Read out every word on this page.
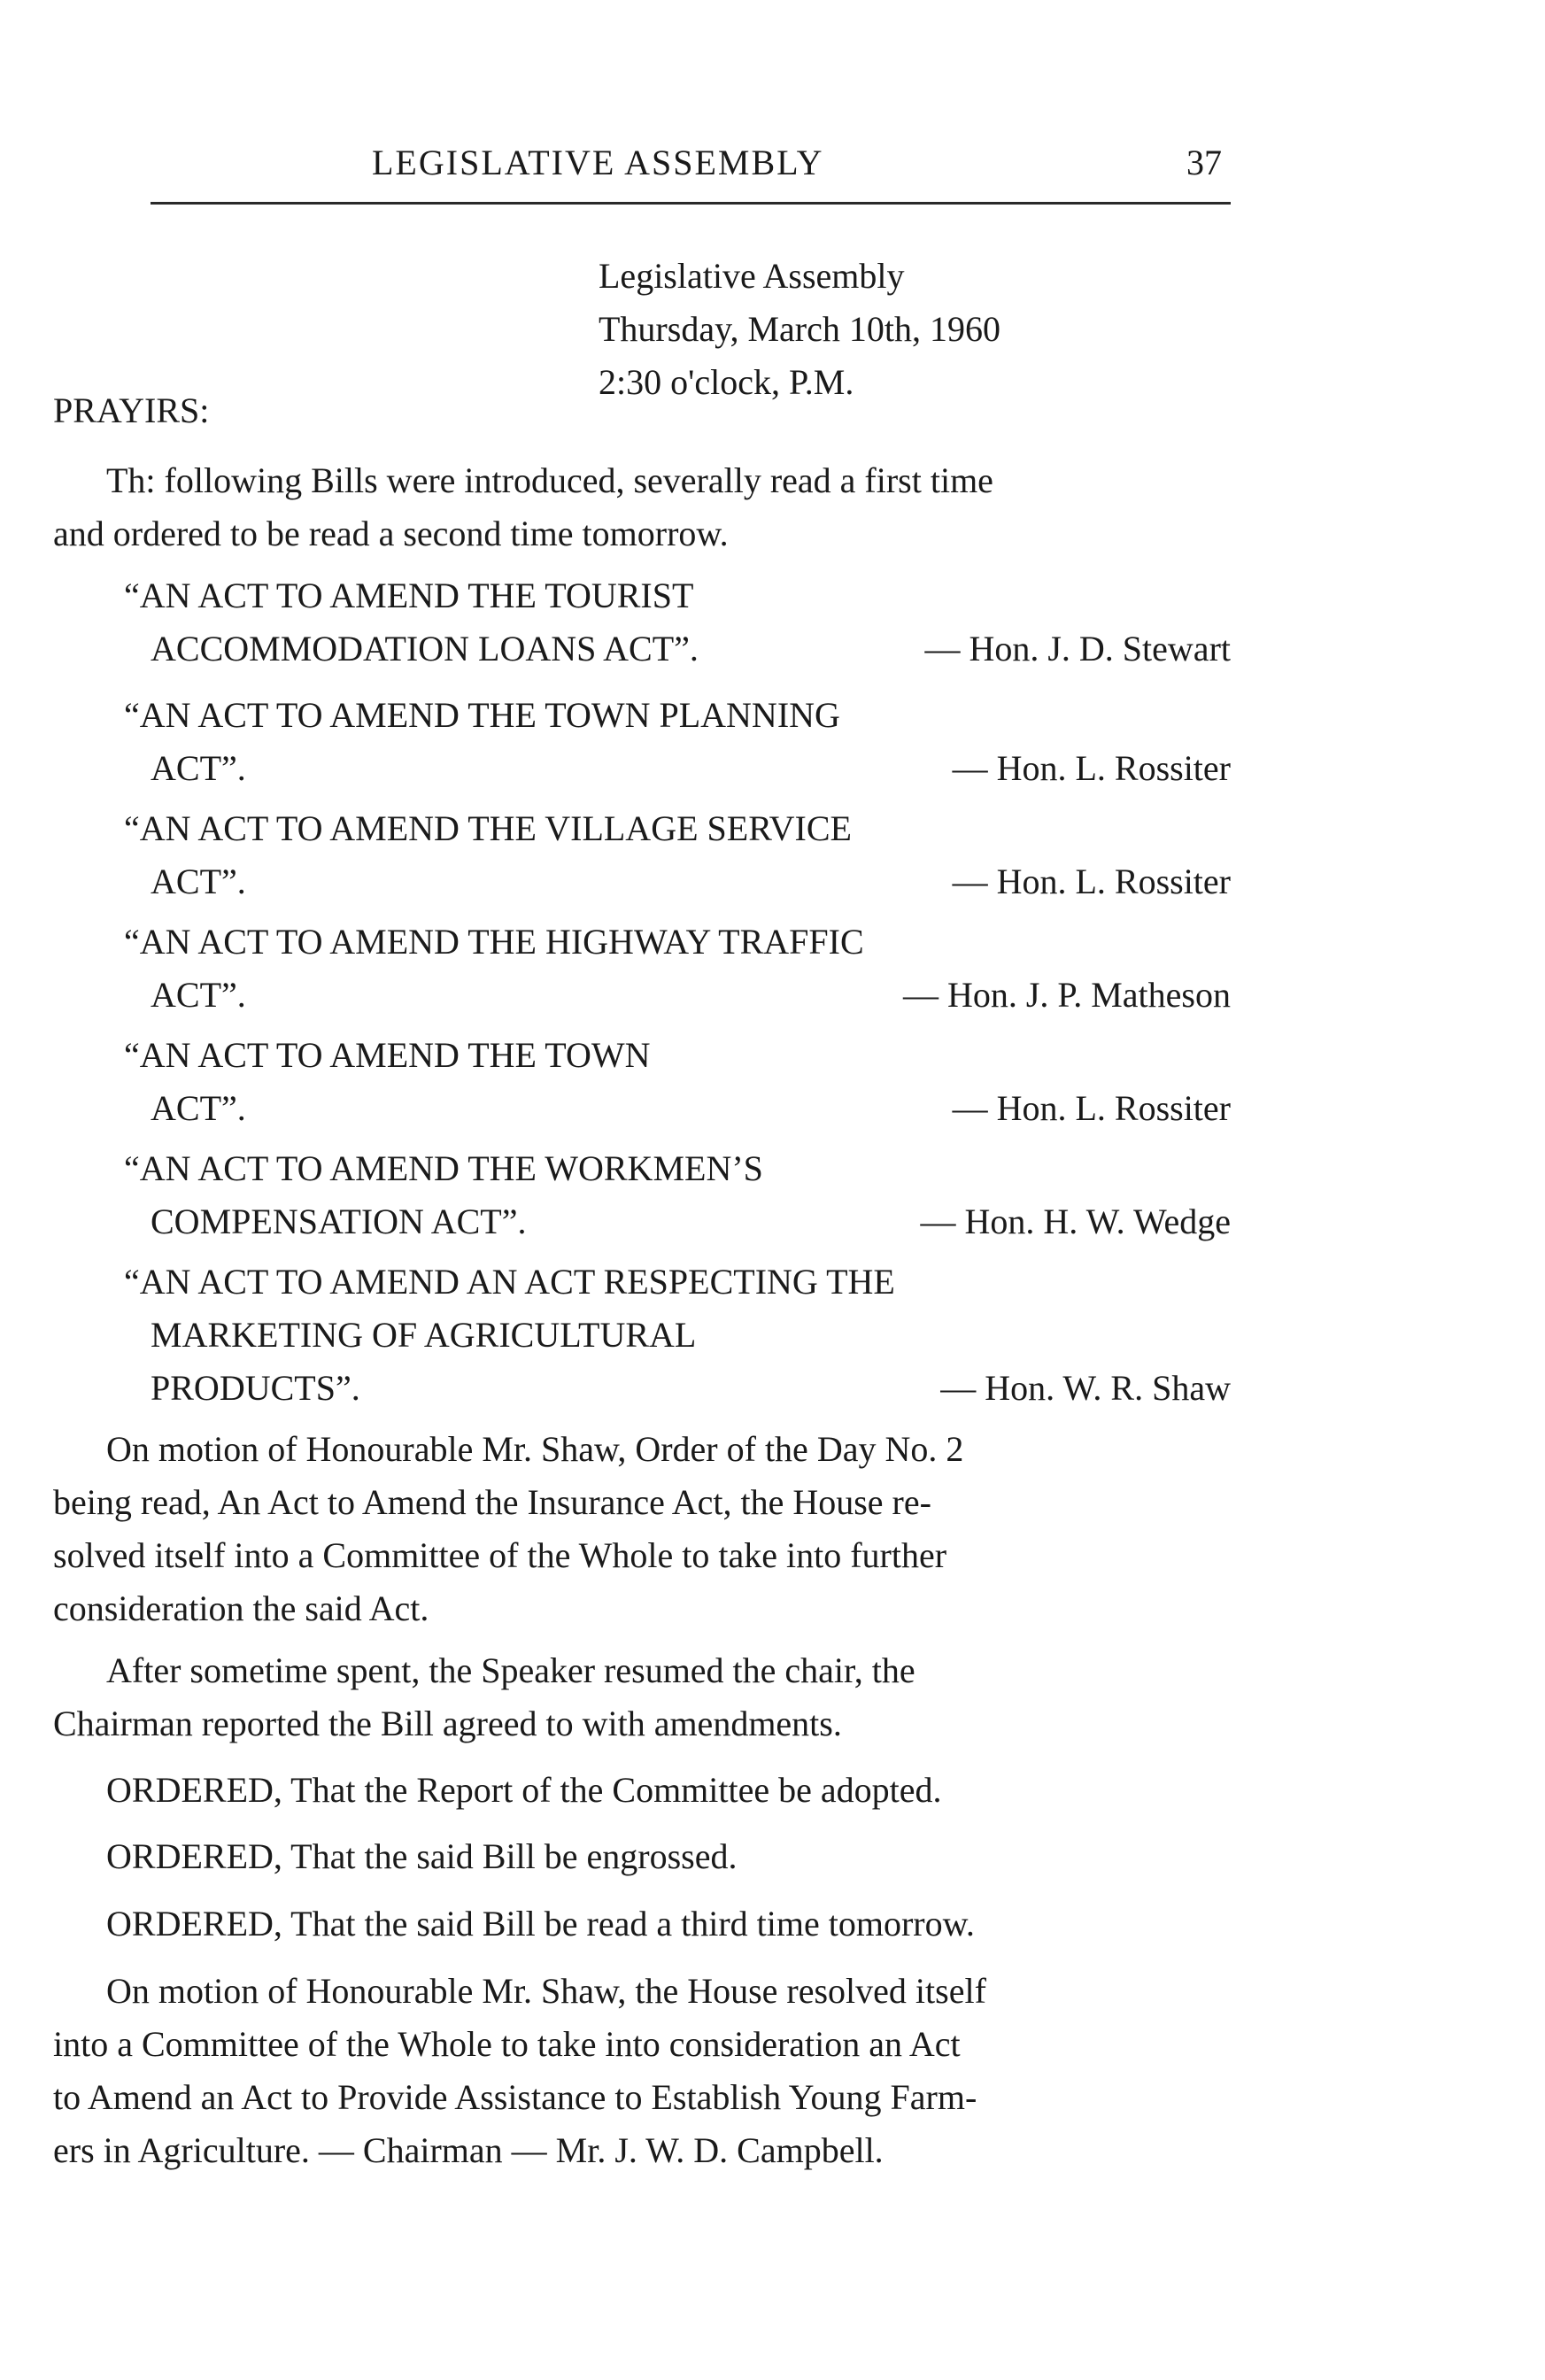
LEGISLATIVE ASSEMBLY	37
Legislative Assembly
Thursday, March 10th, 1960
2:30 o'clock, P.M.
PRAYIRS:
Th: following Bills were introduced, severally read a first time
and ordered to be read a second time tomorrow.
“AN ACT TO AMEND THE TOURIST
ACCOMMODATION LOANS ACT”.	— Hon. J. D. Stewart
“AN ACT TO AMEND THE TOWN PLANNING
ACT”.	— Hon. L. Rossiter
“AN ACT TO AMEND THE VILLAGE SERVICE
ACT”.	— Hon. L. Rossiter
“AN ACT TO AMEND THE HIGHWAY TRAFFIC
ACT”.	— Hon. J. P. Matheson
“AN ACT TO AMEND THE TOWN
ACT”.	— Hon. L. Rossiter
“AN ACT TO AMEND THE WORKMEN’S
COMPENSATION ACT”.	— Hon. H. W. Wedge
“AN ACT TO AMEND AN ACT RESPECTING THE
MARKETING OF AGRICULTURAL
PRODUCTS”.	— Hon. W. R. Shaw
On motion of Honourable Mr. Shaw, Order of the Day No. 2
being read, An Act to Amend the Insurance Act, the House re-
solved itself into a Committee of the Whole to take into further
consideration the said Act.
After sometime spent, the Speaker resumed the chair, the
Chairman reported the Bill agreed to with amendments.
ORDERED, That the Report of the Committee be adopted.
ORDERED, That the said Bill be engrossed.
ORDERED, That the said Bill be read a third time tomorrow.
On motion of Honourable Mr. Shaw, the House resolved itself
into a Committee of the Whole to take into consideration an Act
to Amend an Act to Provide Assistance to Establish Young Farm-
ers in Agriculture. — Chairman — Mr. J. W. D. Campbell.
